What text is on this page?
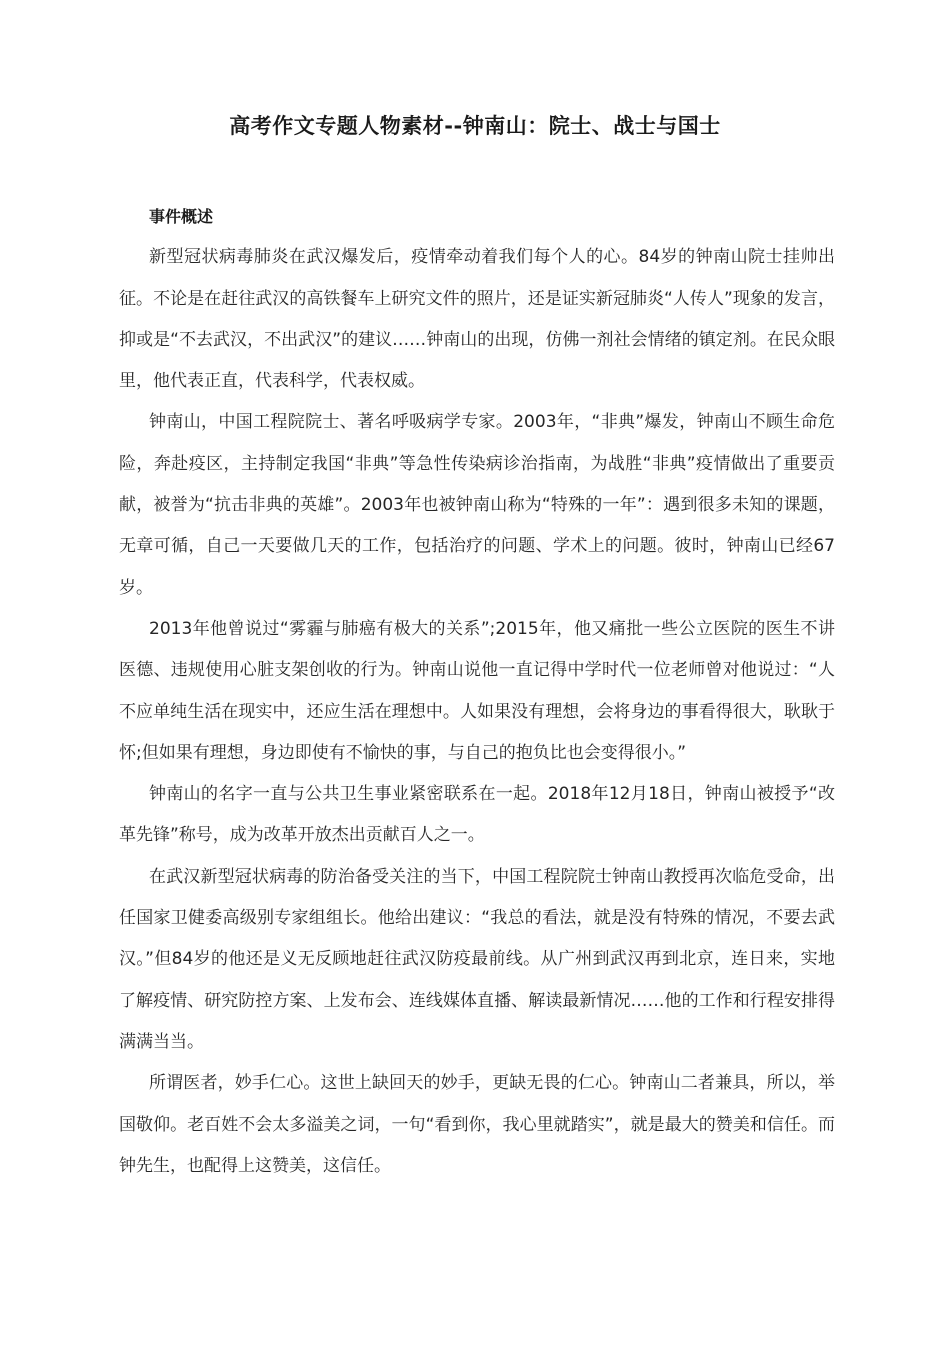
高考作文专题人物素材--钟南山：院士、战士与国士

事件概述

新型冠状病毒肺炎在武汉爆发后，疫情牵动着我们每个人的心。84岁的钟南山院士挂帅出征。不论是在赶往武汉的高铁餐车上研究文件的照片，还是证实新冠肺炎“人传人”现象的发言，抑或是“不去武汉，不出武汉”的建议……钟南山的出现，仿佛一剂社会情绪的镇定剂。在民众眼里，他代表正直，代表科学，代表权威。

钟南山，中国工程院院士、著名呼吸病学专家。2003年，“非典”爆发，钟南山不顾生命危险，奔赴疫区，主持制定我国“非典”等急性传染病诊治指南，为战胜“非典”疫情做出了重要贡献，被誉为“抗击非典的英雄”。2003年也被钟南山称为“特殊的一年”：遇到很多未知的课题，无章可循，自己一天要做几天的工作，包括治疗的问题、学术上的问题。彼时，钟南山已经67岁。

2013年他曾说过“雾霾与肺癌有极大的关系”;2015年，他又痛批一些公立医院的医生不讲医德、违规使用心脏支架创收的行为。钟南山说他一直记得中学时代一位老师曾对他说过：“人不应单纯生活在现实中，还应生活在理想中。人如果没有理想，会将身边的事看得很大，耿耿于怀;但如果有理想，身边即使有不愉快的事，与自己的抱负比也会变得很小。”

钟南山的名字一直与公共卫生事业紧密联系在一起。2018年12月18日，钟南山被授予“改革先锋”称号，成为改革开放杰出贡献百人之一。

在武汉新型冠状病毒的防治备受关注的当下，中国工程院院士钟南山教授再次临危受命，出任国家卫健委高级别专家组组长。他给出建议：“我总的看法，就是没有特殊的情况，不要去武汉。”但84岁的他还是义无反顾地赶往武汉防疫最前线。从广州到武汉再到北京，连日来，实地了解疫情、研究防控方案、上发布会、连线媒体直播、解读最新情况……他的工作和行程安排得满满当当。

所谓医者，妙手仁心。这世上缺回天的妙手，更缺无畏的仁心。钟南山二者兼具，所以，举国敬仰。老百姓不会太多溢美之词，一句“看到你，我心里就踏实”，就是最大的赞美和信任。而钟先生，也配得上这赞美，这信任。
